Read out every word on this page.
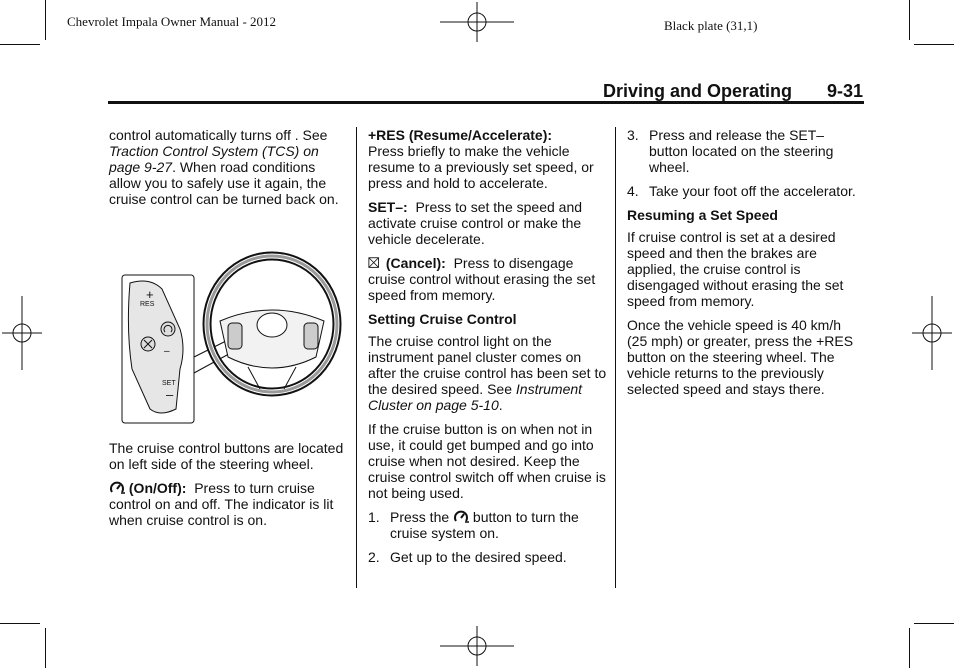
Chevrolet Impala Owner Manual - 2012	Black plate (31,1)
Driving and Operating 9-31

control automatically turns off . See Traction Control System (TCS) on page 9-27. When road conditions allow you to safely use it again, the cruise control can be turned back on.

+
RES
–
SET
–

The cruise control buttons are located on left side of the steering wheel.

(On/Off): Press to turn cruise control on and off. The indicator is lit when cruise control is on.

+RES (Resume/Accelerate):
Press briefly to make the vehicle resume to a previously set speed, or press and hold to accelerate.

SET–: Press to set the speed and activate cruise control or make the vehicle decelerate.

(Cancel): Press to disengage cruise control without erasing the set speed from memory.

Setting Cruise Control

The cruise control light on the instrument panel cluster comes on after the cruise control has been set to the desired speed. See Instrument Cluster on page 5-10.

If the cruise button is on when not in use, it could get bumped and go into cruise when not desired. Keep the cruise control switch off when cruise is not being used.

1. Press the button to turn the cruise system on.
2. Get up to the desired speed.
3. Press and release the SET– button located on the steering wheel.
4. Take your foot off the accelerator.

Resuming a Set Speed

If cruise control is set at a desired speed and then the brakes are applied, the cruise control is disengaged without erasing the set speed from memory.

Once the vehicle speed is 40 km/h (25 mph) or greater, press the +RES button on the steering wheel. The vehicle returns to the previously selected speed and stays there.
